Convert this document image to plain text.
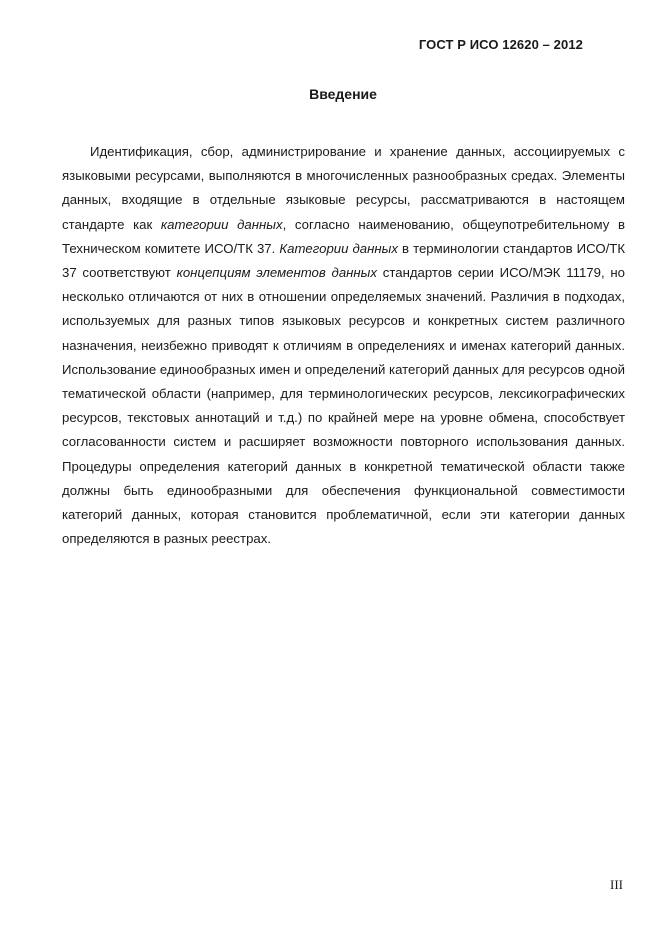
ГОСТ Р ИСО 12620 – 2012
Введение

Идентификация, сбор, администрирование и хранение данных, ассоциируемых с языковыми ресурсами, выполняются в многочисленных разнообразных средах. Элементы данных, входящие в отдельные языковые ресурсы, рассматриваются в настоящем стандарте как категории данных, согласно наименованию, общеупотребительному в Техническом комитете ИСО/ТК 37. Категории данных в терминологии стандартов ИСО/ТК 37 соответствуют концепциям элементов данных стандартов серии ИСО/МЭК 11179, но несколько отличаются от них в отношении определяемых значений. Различия в подходах, используемых для разных типов языковых ресурсов и конкретных систем различного назначения, неизбежно приводят к отличиям в определениях и именах категорий данных. Использование единообразных имен и определений категорий данных для ресурсов одной тематической области (например, для терминологических ресурсов, лексикографических ресурсов, текстовых аннотаций и т.д.) по крайней мере на уровне обмена, способствует согласованности систем и расширяет возможности повторного использования данных. Процедуры определения категорий данных в конкретной тематической области также должны быть единообразными для обеспечения функциональной совместимости категорий данных, которая становится проблематичной, если эти категории данных определяются в разных реестрах.

III
